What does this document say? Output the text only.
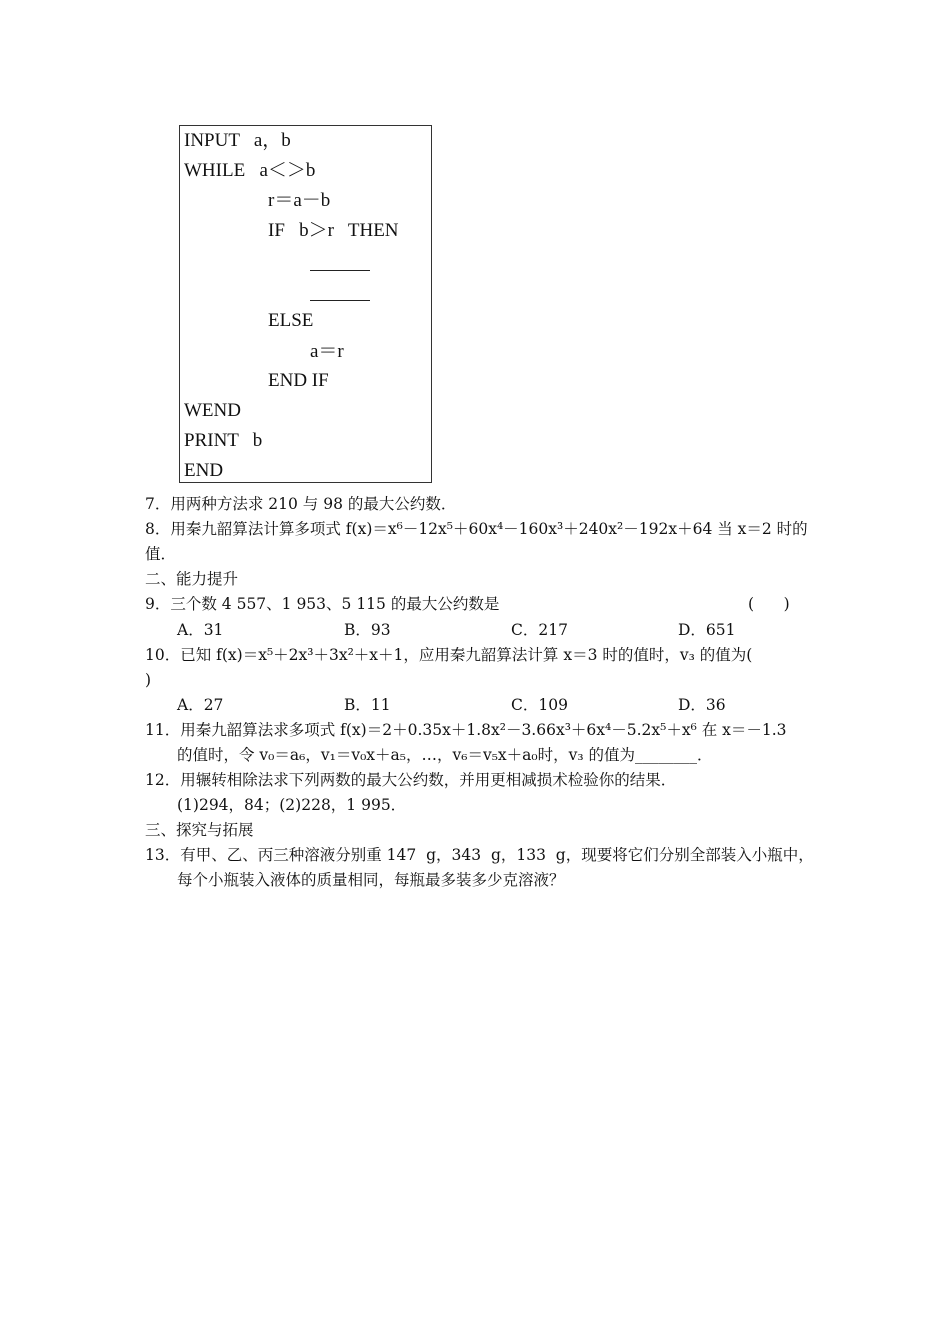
INPUT   a，b
WHILE   a＜＞b
r＝a－b
IF   b＞r   THEN
ELSE
a＝r
END IF
WEND
PRINT   b
END
7．用两种方法求 210 与 98 的最大公约数．
8．用秦九韶算法计算多项式 f(x)＝x⁶－12x⁵＋60x⁴－160x³＋240x²－192x＋64 当 x＝2 时的
值．
二、能力提升
9．三个数 4 557、1 953、5 115 的最大公约数是	(      )
A．31	B．93	C．217	D．651
10．已知 f(x)＝x⁵＋2x³＋3x²＋x＋1，应用秦九韶算法计算 x＝3 时的值时，v₃ 的值为(
)
A．27	B．11	C．109	D．36
11．用秦九韶算法求多项式 f(x)＝2＋0.35x＋1.8x²－3.66x³＋6x⁴－5.2x⁵＋x⁶ 在 x＝－1.3
的值时，令 v₀＝a₆，v₁＝v₀x＋a₅，…，v₆＝v₅x＋a₀时，v₃ 的值为________．
12．用辗转相除法求下列两数的最大公约数，并用更相减损术检验你的结果．
(1)294，84；(2)228，1 995．
三、探究与拓展
13．有甲、乙、丙三种溶液分别重 147  g，343  g，133  g，现要将它们分别全部装入小瓶中，
每个小瓶装入液体的质量相同，每瓶最多装多少克溶液？
